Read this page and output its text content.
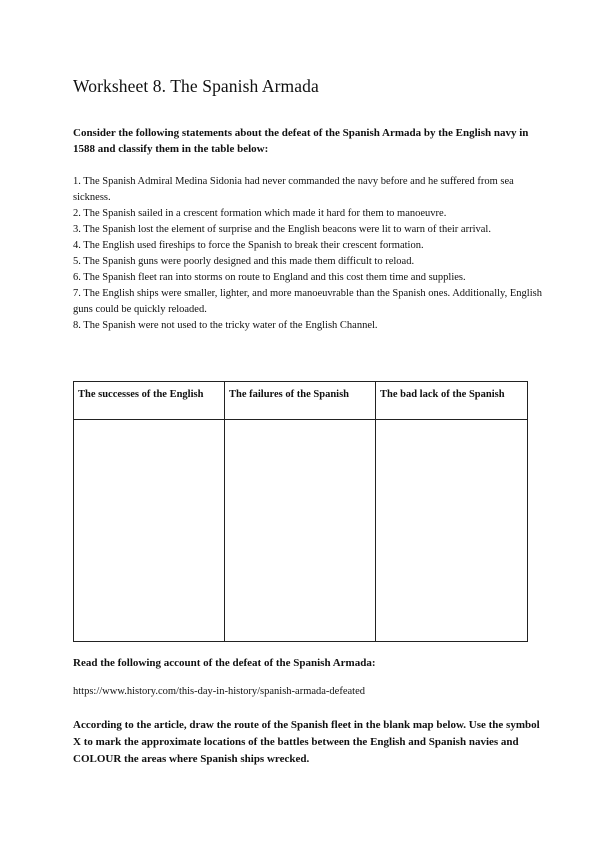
Worksheet 8. The Spanish Armada
Consider the following statements about the defeat of the Spanish Armada by the English navy in 1588 and classify them in the table below:
1. The Spanish Admiral Medina Sidonia had never commanded the navy before and he suffered from sea sickness.
2. The Spanish sailed in a crescent formation which made it hard for them to manoeuvre.
3. The Spanish lost the element of surprise and the English beacons were lit to warn of their arrival.
4. The English used fireships to force the Spanish to break their crescent formation.
5. The Spanish guns were poorly designed and this made them difficult to reload.
6. The Spanish fleet ran into storms on route to England and this cost them time and supplies.
7. The English ships were smaller, lighter, and more manoeuvrable than the Spanish ones. Additionally, English guns could be quickly reloaded.
8. The Spanish were not used to the tricky water of the English Channel.
The successes of the English	The failures of the Spanish	The bad lack of the Spanish

Read the following account of the defeat of the Spanish Armada:
https://www.history.com/this-day-in-history/spanish-armada-defeated
According to the article, draw the route of the Spanish fleet in the blank map below. Use the symbol X to mark the approximate locations of the battles between the English and Spanish navies and COLOUR the areas where Spanish ships wrecked.
